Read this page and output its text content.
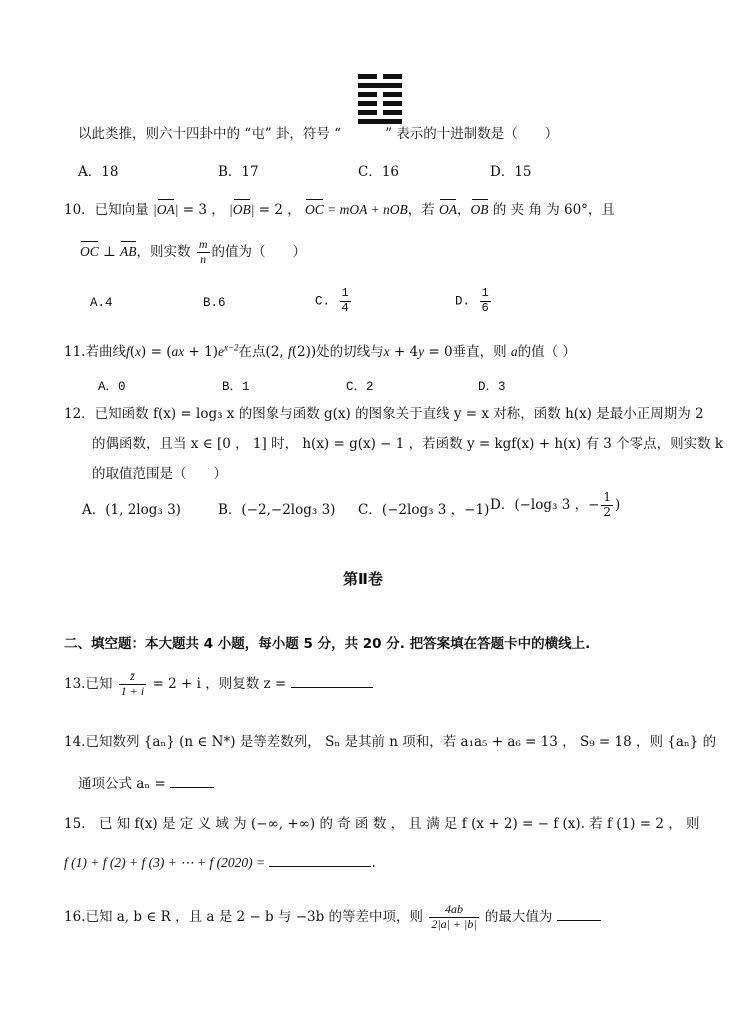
以此类推，则六十四卦中的 “屯” 卦，符号 “	” 表示的十进制数是（　　）
A．18	B．17	C．16	D．15
10．已知向量 |OA| = 3 ， |OB| = 2 ， OC = mOA + nOB，若 OA，OB 的 夹 角 为 60°，且
OC ⊥ AB，则实数 $\frac{m}{n}$ 的值为（　　）
A.4	B.6	C. $\frac{1}{4}$	D. $\frac{1}{6}$
11.若曲线$f(x) = (ax + 1)e^{x-2}$在点(2, f(2))处的切线与x + 4y = 0垂直，则 a的值（ ）
A．0	B．1	C．2	D．3
12．已知函数 f(x) = log₃ x 的图象与函数 g(x) 的图象关于直线 y = x 对称，函数 h(x) 是最小正周期为 2
的偶函数，且当 x ∈ [0 ， 1] 时， h(x) = g(x) − 1 ，若函数 y = kgf(x) + h(x) 有 3 个零点，则实数 k
的取值范围是（　　）
A．(1, 2log₃ 3)	B．(−2,−2log₃ 3) C．(−2log₃ 3 ，−1) D．(−log₃ 3 ，− $\frac{1}{2}$ )
第Ⅱ卷
二、填空题：本大题共 4 小题，每小题 5 分，共 20 分. 把答案填在答题卡中的横线上.
13.已知 $\frac{z̄}{1 + i} = 2 + i$ ，则复数 z =
14.已知数列 {aₙ} (n ∈ N*) 是等差数列， Sₙ 是其前 n 项和，若 a₁a₅ + a₆ = 13 ， S₉ = 18 ，则 {aₙ} 的
通项公式 aₙ =
15.　已 知 f(x) 是 定 义 域 为 (−∞, +∞) 的 奇 函 数 ， 且 满 足 f (x + 2) = − f (x). 若 f (1) = 2 ， 则
f (1) + f (2) + f (3) + ⋯ + f (2020) =	.
16.已知 a, b ∈ R ，且 a 是 2 − b 与 −3b 的等差中项，则 $\frac{4ab}{2|a| + |b|}$ 的最大值为
